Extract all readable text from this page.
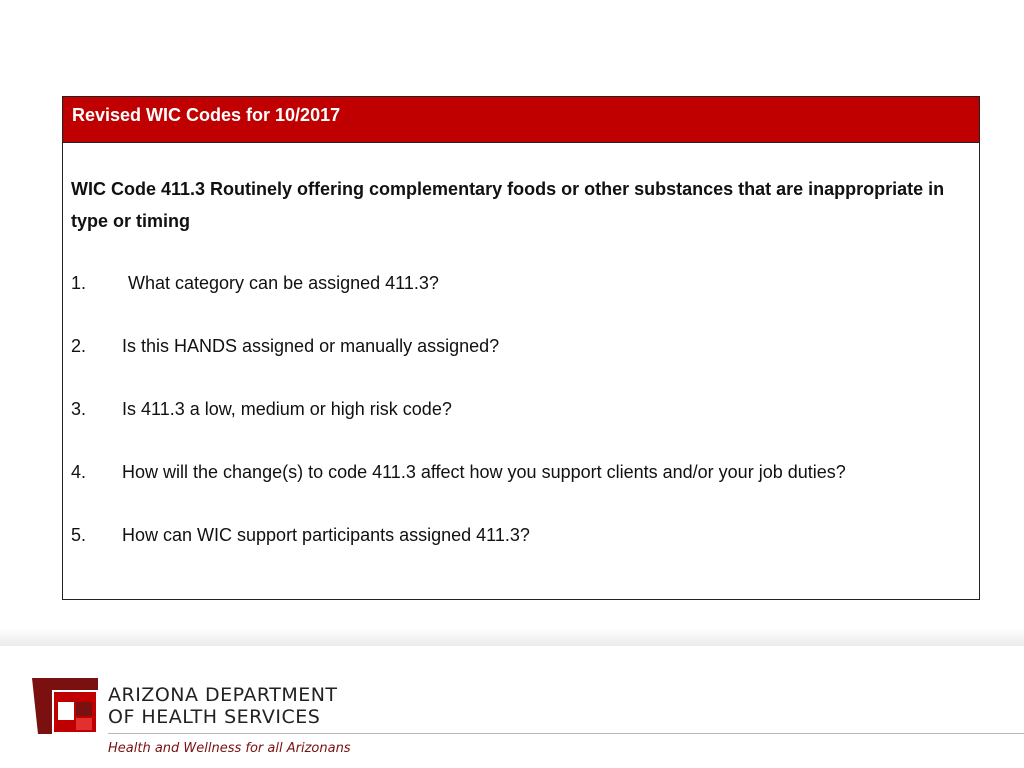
Revised WIC Codes for 10/2017
WIC Code 411.3 Routinely offering complementary foods or other substances that are inappropriate in type or timing
1. What category can be assigned 411.3?
2. Is this HANDS assigned or manually assigned?
3. Is 411.3 a low, medium or high risk code?
4. How will the change(s) to code 411.3 affect how you support clients and/or your job duties?
5. How can WIC support participants assigned 411.3?
ARIZONA DEPARTMENT
OF HEALTH SERVICES
Health and Wellness for all Arizonans
